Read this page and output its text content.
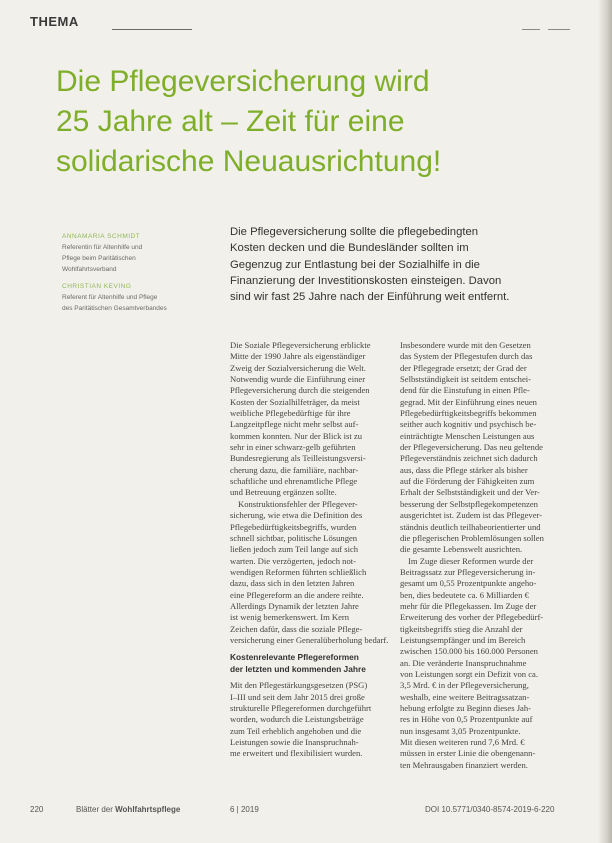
THEMA
Die Pflegeversicherung wird
25 Jahre alt – Zeit für eine
solidarische Neuausrichtung!
ANNAMARIA SCHMIDT
Referentin für Altenhilfe und
Pflege beim Paritätischen
Wohlfahrtsverband
CHRISTIAN KEVING
Referent für Altenhilfe und Pflege
des Paritätischen Gesamtverbandes
Die Pflegeversicherung sollte die pflegebedingten
Kosten decken und die Bundesländer sollten im
Gegenzug zur Entlastung bei der Sozialhilfe in die
Finanzierung der Investitionskosten einsteigen. Davon
sind wir fast 25 Jahre nach der Einführung weit entfernt.

Die Soziale Pflegeversicherung erblickte
Mitte der 1990 Jahre als eigenständiger
Zweig der Sozialversicherung die Welt.
Notwendig wurde die Einführung einer
Pflegeversicherung durch die steigenden
Kosten der Sozialhilfeträger, da meist
weibliche Pflegebedürftige für ihre
Langzeitpflege nicht mehr selbst auf-
kommen konnten. Nur der Blick ist zu
sehr in einer schwarz-gelb geführten
Bundesregierung als Teilleistungsversi-
cherung dazu, die familiäre, nachbar-
schaftliche und ehrenamtliche Pflege
und Betreuung ergänzen sollte.

Konstruktionsfehler der Pflegever-
sicherung, wie etwa die Definition des
Pflegebedürftigkeitsbegriffs, wurden
schnell sichtbar, politische Lösungen
ließen jedoch zum Teil lange auf sich
warten. Die verzögerten, jedoch not-
wendigen Reformen führten schließlich
dazu, dass sich in den letzten Jahren
eine Pflegereform an die andere reihte.
Allerdings Dynamik der letzten Jahre
ist wenig bemerkenswert. Im Kern
Zeichen dafür, dass die soziale Pflege-
versicherung einer Generalüberholung bedarf.

Kostenrelevante Pflegereformen
der letzten und kommenden Jahre

Mit den Pflegestärkungsgesetzen (PSG)
I–III und seit dem Jahr 2015 drei große
strukturelle Pflegereformen durchgeführt
worden, wodurch die Leistungsbeträge
zum Teil erheblich angehoben und die
Leistungen sowie die Inanspruchnah-
me erweitert und flexibilisiert wurden.

Insbesondere wurde mit den Gesetzen
das System der Pflegestufen durch das
der Pflegegrade ersetzt; der Grad der
Selbstständigkeit ist seitdem entschei-
dend für die Einstufung in einen Pfle-
gegrad. Mit der Einführung eines neuen
Pflegebedürftigkeitsbegriffs bekommen
seither auch kognitiv und psychisch be-
einträchtigte Menschen Leistungen aus
der Pflegeversicherung. Das neu geltende
Pflegeverständnis zeichnet sich dadurch
aus, dass die Pflege stärker als bisher
auf die Förderung der Fähigkeiten zum
Erhalt der Selbstständigkeit und der Ver-
besserung der Selbstpflegekompetenzen
ausgerichtet ist. Zudem ist das Pflegever-
ständnis deutlich teilhabeorientierter und
die pflegerischen Problemlösungen sollen
die gesamte Lebenswelt ausrichten.
Im Zuge dieser Reformen wurde der
Beitragssatz zur Pflegeversicherung in-
gesamt um 0,55 Prozentpunkte angeho-
ben, dies bedeutete ca. 6 Milliarden €
mehr für die Pflegekassen. Im Zuge der
Erweiterung des vorher der Pflegebedürf-
tigkeitsbegriffs stieg die Anzahl der
Leistungsempfänger und im Bereich
zwischen 150.000 bis 160.000 Personen
an. Die veränderte Inanspruchnahme
von Leistungen sorgt ein Defizit von ca.
3,5 Mrd. € in der Pflegeversicherung,
weshalb, eine weitere Beitragssatzan-
hebung erfolgte zu Beginn dieses Jah-
res in Höhe von 0,5 Prozentpunkte auf
nun insgesamt 3,05 Prozentpunkte.
Mit diesen weiteren rund 7,6 Mrd. €
müssen in erster Linie die obengenann-
ten Mehrausgaben finanziert werden.

220	Blätter der Wohlfahrtspflege	6 | 2019	DOI 10.5771/0340-8574-2019-6-220
